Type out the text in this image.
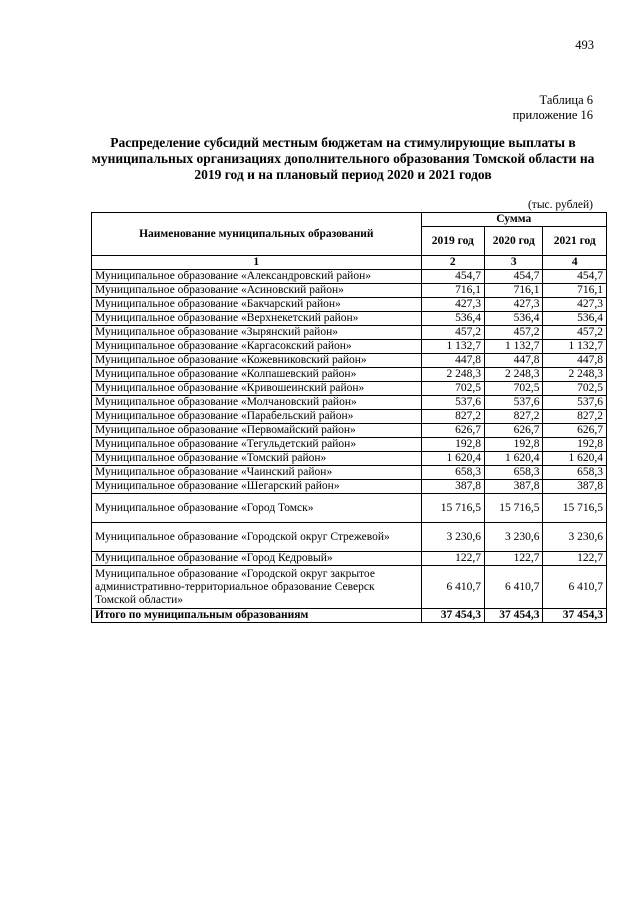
493
Таблица 6
приложение 16
Распределение субсидий местным бюджетам на стимулирующие выплаты в муниципальных организациях дополнительного образования Томской области на 2019 год и на плановый период 2020 и 2021 годов
(тыс. рублей)
Наименование муниципальных образований	Сумма		
	2019 год	2020 год	2021 год
1	2	3	4
Муниципальное образование «Александровский район»	454,7	454,7	454,7
Муниципальное образование «Асиновский район»	716,1	716,1	716,1
Муниципальное образование «Бакчарский район»	427,3	427,3	427,3
Муниципальное образование «Верхнекетский район»	536,4	536,4	536,4
Муниципальное образование «Зырянский район»	457,2	457,2	457,2
Муниципальное образование «Каргасокский район»	1 132,7	1 132,7	1 132,7
Муниципальное образование «Кожевниковский район»	447,8	447,8	447,8
Муниципальное образование «Колпашевский район»	2 248,3	2 248,3	2 248,3
Муниципальное образование «Кривошеинский район»	702,5	702,5	702,5
Муниципальное образование «Молчановский район»	537,6	537,6	537,6
Муниципальное образование «Парабельский район»	827,2	827,2	827,2
Муниципальное образование «Первомайский район»	626,7	626,7	626,7
Муниципальное образование «Тегульдетский район»	192,8	192,8	192,8
Муниципальное образование «Томский район»	1 620,4	1 620,4	1 620,4
Муниципальное образование «Чаинский район»	658,3	658,3	658,3
Муниципальное образование «Шегарский район»	387,8	387,8	387,8
Муниципальное образование «Город Томск»	15 716,5	15 716,5	15 716,5
Муниципальное образование «Городской округ Стрежевой»	3 230,6	3 230,6	3 230,6
Муниципальное образование «Город Кедровый»	122,7	122,7	122,7
Муниципальное образование «Городской округ закрытое административно-территориальное образование Северск Томской области»	6 410,7	6 410,7	6 410,7
Итого по муниципальным образованиям	37 454,3	37 454,3	37 454,3
